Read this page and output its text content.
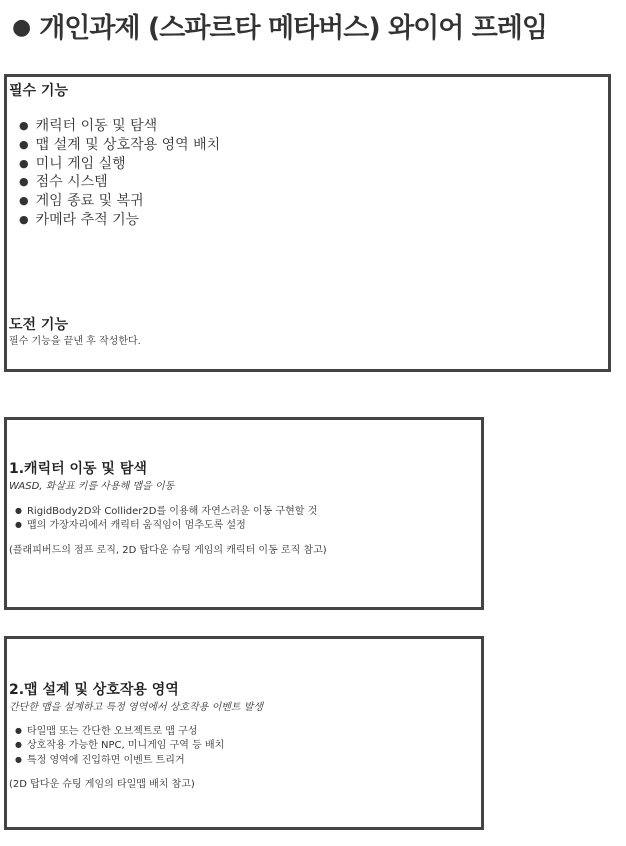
● 개인과제 (스파르타 메타버스) 와이어 프레임
필수 기능
● 캐릭터 이동 및 탐색
● 맵 설계 및 상호작용 영역 배치
● 미니 게임 실행
● 점수 시스템
● 게임 종료 및 복귀
● 카메라 추적 기능
도전 기능

필수 기능을 끝낸 후 작성한다.

1.캐릭터 이동 및 탐색

WASD, 화살표 키를 사용해 맵을 이동

● RigidBody2D와 Collider2D를 이용해 자연스러운 이동 구현할 것
● 맵의 가장자리에서 캐릭터 움직임이 멈추도록 설정

(플래피버드의 점프 로직, 2D 탑다운 슈팅 게임의 캐릭터 이동 로직 참고)

2.맵 설계 및 상호작용 영역

간단한 맵을 설계하고 특정 영역에서 상호작용 이벤트 발생

● 타일맵 또는 간단한 오브젝트로 맵 구성
● 상호작용 가능한 NPC, 미니게임 구역 등 배치
● 특정 영역에 진입하면 이벤트 트리거

(2D 탑다운 슈팅 게임의 타일맵 배치 참고)
